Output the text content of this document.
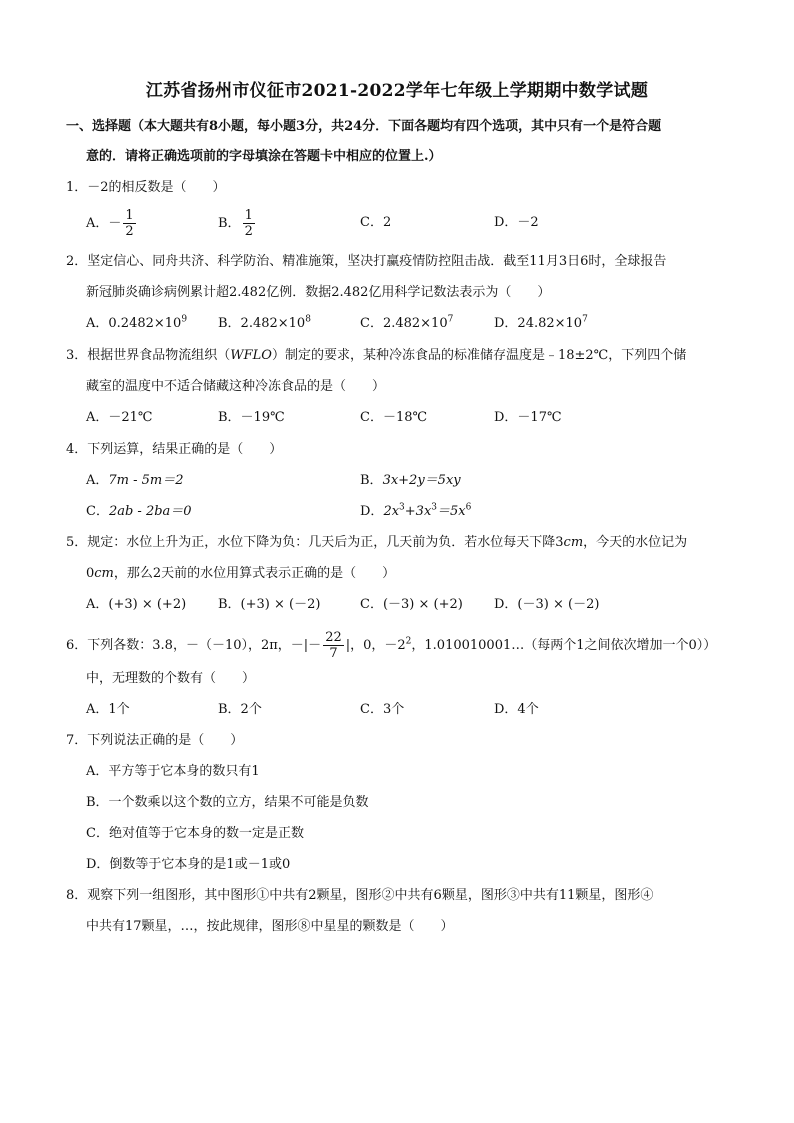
江苏省扬州市仪征市2021-2022学年七年级上学期期中数学试题
一、选择题（本大题共有8小题，每小题3分，共24分．下面各题均有四个选项，其中只有一个是符合题
意的．请将正确选项前的字母填涂在答题卡中相应的位置上.）
1．－2的相反数是（　　）
A．－ $\frac{1}{2}$	B． $\frac{1}{2}$	C．2	D．－2
2．坚定信心、同舟共济、科学防治、精准施策，坚决打赢疫情防控阻击战．截至11月3日6时，全球报告
新冠肺炎确诊病例累计超2.482亿例．数据2.482亿用科学记数法表示为（　　）
A．$0.2482\times 10^9$ B．$2.482\times 10^8$	C．$2.482\times 10^7$	D．$24.82\times 10^7$
3．根据世界食品物流组织（WFLO）制定的要求，某种冷冻食品的标准储存温度是﹣18±2℃，下列四个储
藏室的温度中不适合储藏这种冷冻食品的是（　　）
A．－21℃	B．－19℃	C．－18℃	D．－17℃
4．下列运算，结果正确的是（　　）
A．7m - 5m＝2	B．3x+2y＝5xy
C．2ab - 2ba＝0	D．$2x^3+3x^3=5x^6$
5．规定：水位上升为正，水位下降为负：几天后为正，几天前为负．若水位每天下降3cm，今天的水位记为
0cm，那么2天前的水位用算式表示正确的是（　　）
A．(+3) × (+2) B．(+3) × (－2)	C．(－3) × (+2) D．(－3) × (－2)
6．下列各数：3.8，－（－10），2π，－|－ $\frac{22}{7}$ |，0，$-2^2$，1.010010001…（每两个1之间依次增加一个0））
中，无理数的个数有（　　）
A．1个	B．2个	C．3个	D．4个
7．下列说法正确的是（　　）
A．平方等于它本身的数只有1
B．一个数乘以这个数的立方，结果不可能是负数
C．绝对值等于它本身的数一定是正数
D．倒数等于它本身的是1或－1或0
8．观察下列一组图形，其中图形①中共有2颗星，图形②中共有6颗星，图形③中共有11颗星，图形④
中共有17颗星，…，按此规律，图形⑧中星星的颗数是（　　）
